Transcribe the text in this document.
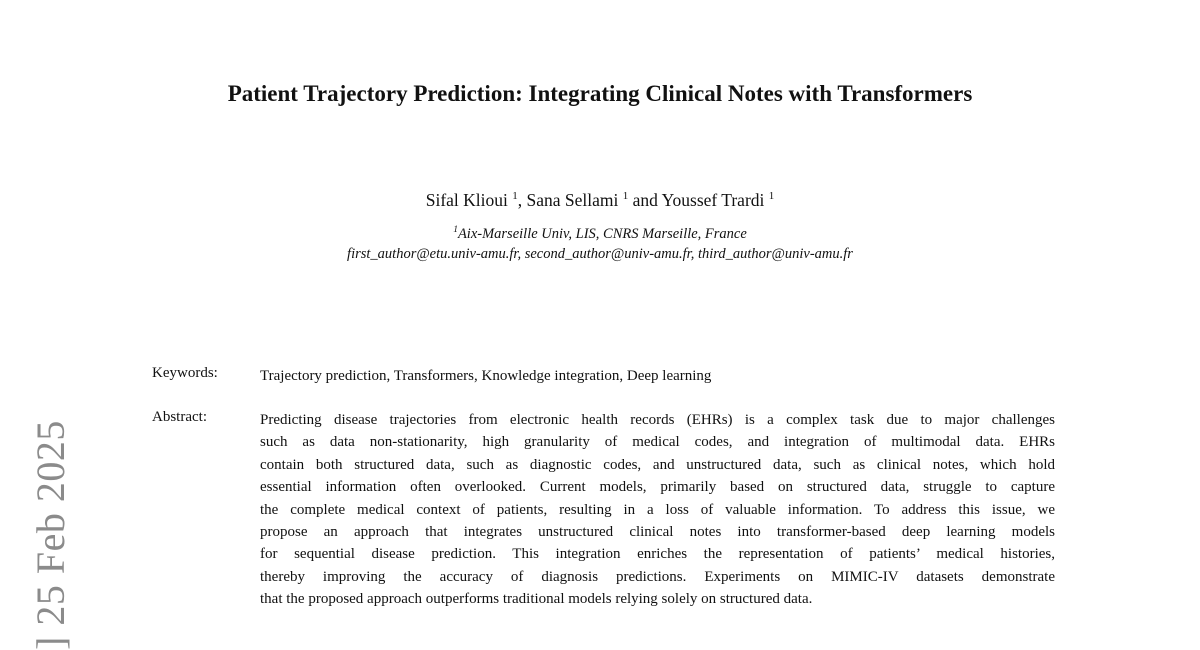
] 25 Feb 2025
Patient Trajectory Prediction: Integrating Clinical Notes with Transformers
Sifal Klioui $^1$, Sana Sellami $^1$ and Youssef Trardi $^1$
$^1$Aix-Marseille Univ, LIS, CNRS Marseille, France
first_author@etu.univ-amu.fr, second_author@univ-amu.fr, third_author@univ-amu.fr
Keywords:	Trajectory prediction, Transformers, Knowledge integration, Deep learning
Abstract:	Predicting disease trajectories from electronic health records (EHRs) is a complex task due to major challenges
such as data non-stationarity, high granularity of medical codes, and integration of multimodal data. EHRs
contain both structured data, such as diagnostic codes, and unstructured data, such as clinical notes, which hold
essential information often overlooked. Current models, primarily based on structured data, struggle to capture
the complete medical context of patients, resulting in a loss of valuable information. To address this issue, we
propose an approach that integrates unstructured clinical notes into transformer-based deep learning models
for sequential disease prediction. This integration enriches the representation of patients’ medical histories,
thereby improving the accuracy of diagnosis predictions. Experiments on MIMIC-IV datasets demonstrate
that the proposed approach outperforms traditional models relying solely on structured data.
